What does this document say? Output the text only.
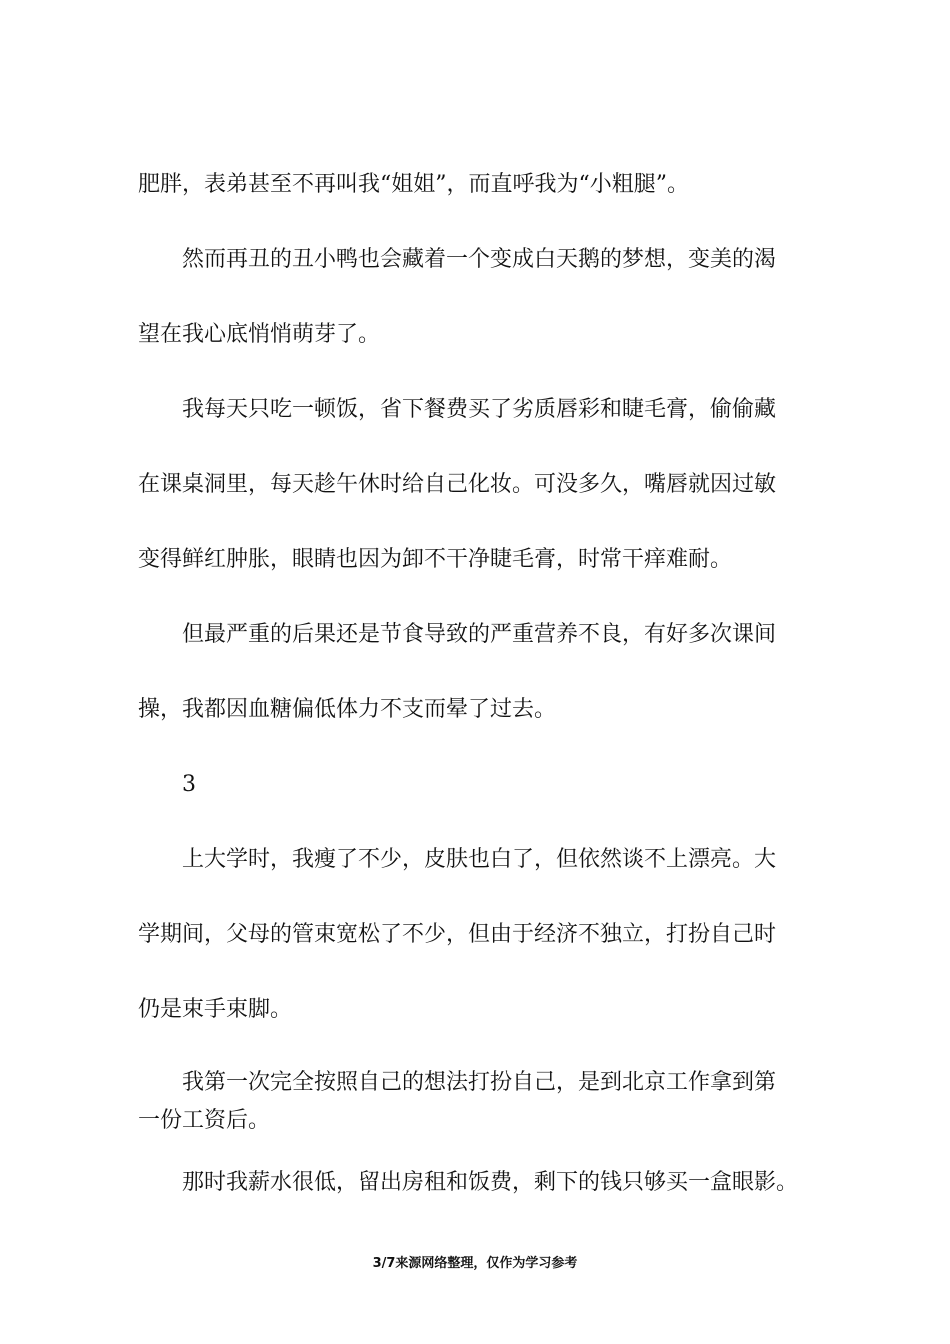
肥胖，表弟甚至不再叫我“姐姐”，而直呼我为“小粗腿”。
然而再丑的丑小鸭也会藏着一个变成白天鹅的梦想，变美的渴
望在我心底悄悄萌芽了。
我每天只吃一顿饭，省下餐费买了劣质唇彩和睫毛膏，偷偷藏
在课桌洞里，每天趁午休时给自己化妆。可没多久，嘴唇就因过敏
变得鲜红肿胀，眼睛也因为卸不干净睫毛膏，时常干痒难耐。
但最严重的后果还是节食导致的严重营养不良，有好多次课间
操，我都因血糖偏低体力不支而晕了过去。
3
上大学时，我瘦了不少，皮肤也白了，但依然谈不上漂亮。大
学期间，父母的管束宽松了不少，但由于经济不独立，打扮自己时
仍是束手束脚。
我第一次完全按照自己的想法打扮自己，是到北京工作拿到第
一份工资后。
那时我薪水很低，留出房租和饭费，剩下的钱只够买一盒眼影。
3/7来源网络整理，仅作为学习参考
